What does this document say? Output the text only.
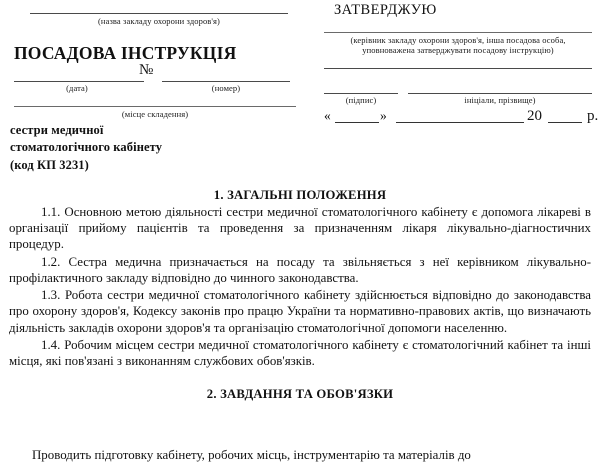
(назва закладу охорони здоров'я)
ПОСАДОВА ІНСТРУКЦІЯ
№
(дата)	(номер)
(місце складення)
сестри медичної
стоматологічного кабінету
(код КП 3231)
ЗАТВЕРДЖУЮ
(керівник закладу охорони здоров'я, інша посадова особа,
уповноважена затверджувати посадову інструкцію)
(підпис)	ініціали, прізвище)
«	»	20	р.
1. ЗАГАЛЬНІ ПОЛОЖЕННЯ

1.1. Основною метою діяльності сестри медичної стоматологічного кабінету є допомога лікареві в організації прийому пацієнтів та проведення за призначенням лікаря лікувально-діагностичних процедур.

1.2. Сестра медична призначається на посаду та звільняється з неї керівником лікувально-профілактичного закладу відповідно до чинного законодавства.

1.3. Робота сестри медичної стоматологічного кабінету здійснюється відповідно до законодавства про охорону здоров'я, Кодексу законів про працю України та нормативно-правових актів, що визначають діяльність закладів охорони здоров'я та організацію стоматологічної допомоги населенню.

1.4. Робочим місцем сестри медичної стоматологічного кабінету є стоматологічний кабінет та інші місця, які пов'язані з виконанням службових обов'язків.

2. ЗАВДАННЯ ТА ОБОВ'ЯЗКИ

Проводить підготовку кабінету, робочих місць, інструментарію та матеріалів до
